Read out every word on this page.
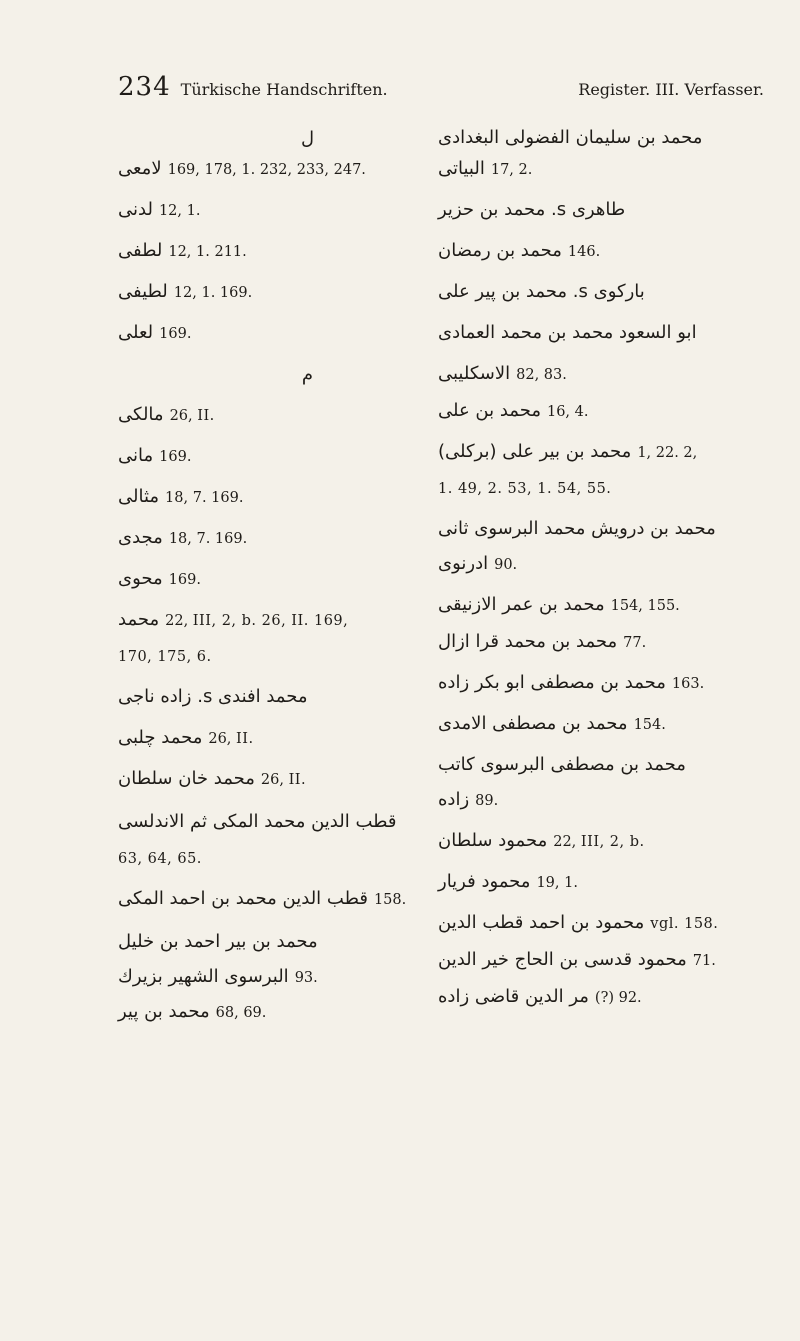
234 Türkische Handschriften.	Register. III. Verfasser.

ل

لامعی 169, 178, 1. 232, 233, 247.

لدنی 12, 1.

لطفی 12, 1. 211.

لطیفی 12, 1. 169.

لعلی 169.

م

مالكی 26, II.

مانی 169.

مثالی 18, 7. 169.

مجدی 18, 7. 169.

محوی 169.

محمد 22, III, 2, b. 26, II. 169,

170, 175, 6.

محمد افندی s. زاده ناجی

محمد چلبی 26, II.

محمد خان سلطان 26, II.

قطب الدین محمد المكی ثم الاندلسی

63, 64, 65.

قطب الدین محمد بن احمد المكی 158.

محمد بن بیر احمد بن خلیل

البرسوی الشهیر بزیرك 93.

محمد بن پیر 68, 69.

محمد بن سلیمان الفضولی البغدادی

البیاتی 17, 2.

طاهری s. محمد بن حزیر

محمد بن رمضان 146.

باركوی s. محمد بن پیر علی

ابو السعود محمد بن محمد العمادی

الاسكلیبی 82, 83.

محمد بن علی 16, 4.

محمد بن بیر علی (بركلی) 1, 22. 2,

1. 49, 2. 53, 1. 54, 55.

محمد بن درویش محمد البرسوی ثانی

ادرنوی 90.

محمد بن عمر الازنیقی 154, 155.

محمد بن محمد قرا ازال 77.

محمد بن مصطفی ابو بكر زاده 163.

محمد بن مصطفی الامدی 154.

محمد بن مصطفی البرسوی كاتب

زاده 89.

محمود سلطان 22, III, 2, b.

محمود فریار 19, 1.

محمود بن احمد قطب الدین vgl. 158.

محمود قدسی بن الحاج خیر الدین 71.

مر الدین قاضی زاده (?) 92.
